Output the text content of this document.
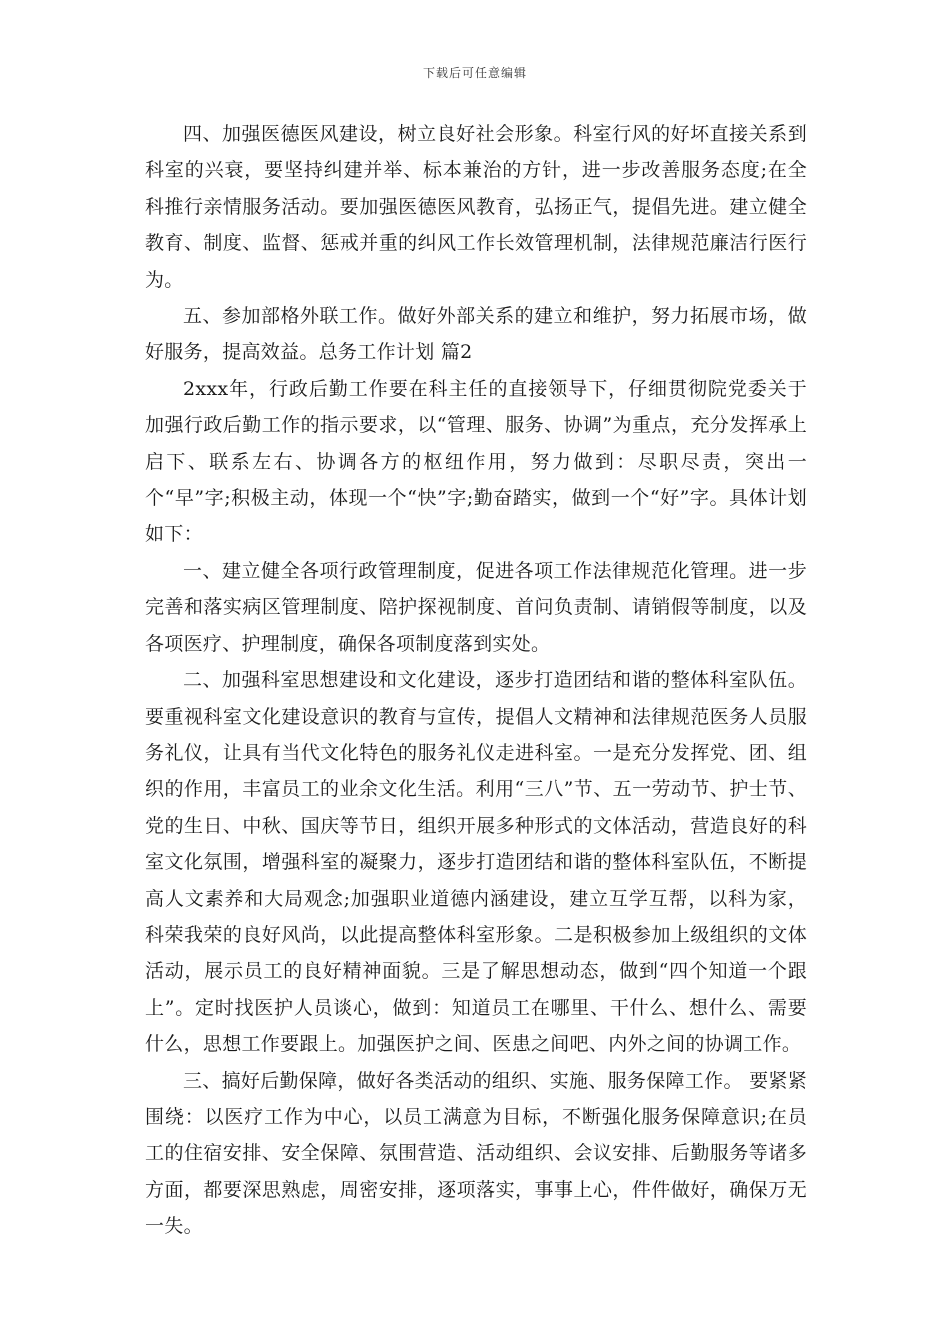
下载后可任意编辑

四、加强医德医风建设，树立良好社会形象。科室行风的好坏直接关系到科室的兴衰，要坚持纠建并举、标本兼治的方针，进一步改善服务态度;在全科推行亲情服务活动。要加强医德医风教育，弘扬正气，提倡先进。建立健全教育、制度、监督、惩戒并重的纠风工作长效管理机制，法律规范廉洁行医行为。

五、参加部格外联工作。做好外部关系的建立和维护，努力拓展市场，做好服务，提高效益。总务工作计划 篇2

2xxx年，行政后勤工作要在科主任的直接领导下，仔细贯彻院党委关于加强行政后勤工作的指示要求，以“管理、服务、协调”为重点，充分发挥承上启下、联系左右、协调各方的枢纽作用，努力做到：尽职尽责，突出一个“早”字;积极主动，体现一个“快”字;勤奋踏实，做到一个“好”字。具体计划如下：

一、建立健全各项行政管理制度，促进各项工作法律规范化管理。进一步完善和落实病区管理制度、陪护探视制度、首问负责制、请销假等制度，以及各项医疗、护理制度，确保各项制度落到实处。

二、加强科室思想建设和文化建设，逐步打造团结和谐的整体科室队伍。要重视科室文化建设意识的教育与宣传，提倡人文精神和法律规范医务人员服务礼仪，让具有当代文化特色的服务礼仪走进科室。一是充分发挥党、团、组织的作用，丰富员工的业余文化生活。利用“三八”节、五一劳动节、护士节、党的生日、中秋、国庆等节日，组织开展多种形式的文体活动，营造良好的科室文化氛围，增强科室的凝聚力，逐步打造团结和谐的整体科室队伍，不断提高人文素养和大局观念;加强职业道德内涵建设，建立互学互帮，以科为家，科荣我荣的良好风尚，以此提高整体科室形象。二是积极参加上级组织的文体活动，展示员工的良好精神面貌。三是了解思想动态，做到“四个知道一个跟上”。定时找医护人员谈心，做到：知道员工在哪里、干什么、想什么、需要什么，思想工作要跟上。加强医护之间、医患之间吧、内外之间的协调工作。

三、搞好后勤保障，做好各类活动的组织、实施、服务保障工作。 要紧紧围绕：以医疗工作为中心，以员工满意为目标，不断强化服务保障意识;在员工的住宿安排、安全保障、氛围营造、活动组织、会议安排、后勤服务等诸多方面，都要深思熟虑，周密安排，逐项落实，事事上心，件件做好，确保万无一失。
